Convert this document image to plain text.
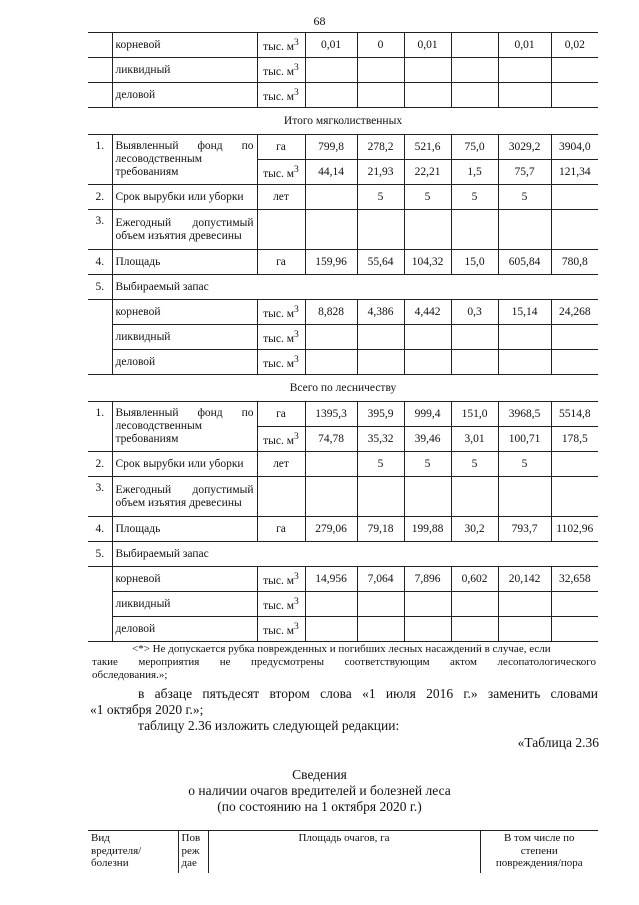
68
	корневой	тыс. $м^3$	0,01	0	0,01		0,01	0,02
	ликвидный	тыс. $м^3$						
	деловой	тыс. $м^3$						
Итого мягколиственных								
1.	Выявленный фонд по лесоводственным требованиям	га	799,8	278,2	521,6	75,0	3029,2	3904,0
		тыс. $м^3$	44,14	21,93	22,21	1,5	75,7	121,34
2.	Срок вырубки или уборки	лет		5	5	5	5	
3.	Ежегодный допустимый объем изъятия древесины							
4.	Площадь	га	159,96	55,64	104,32	15,0	605,84	780,8
5.	Выбираемый запас							
	корневой	тыс. $м^3$	8,828	4,386	4,442	0,3	15,14	24,268
	ликвидный	тыс. $м^3$						
	деловой	тыс. $м^3$						
Всего по лесничеству								
1.	Выявленный фонд по лесоводственным требованиям	га	1395,3	395,9	999,4	151,0	3968,5	5514,8
		тыс. $м^3$	74,78	35,32	39,46	3,01	100,71	178,5
2.	Срок вырубки или уборки	лет		5	5	5	5	
3.	Ежегодный допустимый объем изъятия древесины							
4.	Площадь	га	279,06	79,18	199,88	30,2	793,7	1102,96
5.	Выбираемый запас							
	корневой	тыс. $м^3$	14,956	7,064	7,896	0,602	20,142	32,658
	ликвидный	тыс. $м^3$						
	деловой	тыс. $м^3$						
<*> Не допускается рубка поврежденных и погибших лесных насаждений в случае, если
такие мероприятия не предусмотрены соответствующим актом лесопатологического
обследования.»;
в абзаце пятьдесят втором слова «1 июля 2016 г.» заменить словами
«1 октября 2020 г.»;
таблицу 2.36 изложить следующей редакции:
«Таблица 2.36
Сведения
о наличии очагов вредителей и болезней леса
(по состоянию на 1 октября 2020 г.)
Вид
вредителя/
болезни

Пов
реж
дае
	Площадь очагов, га	В том числе по
степени
повреждения/пора
